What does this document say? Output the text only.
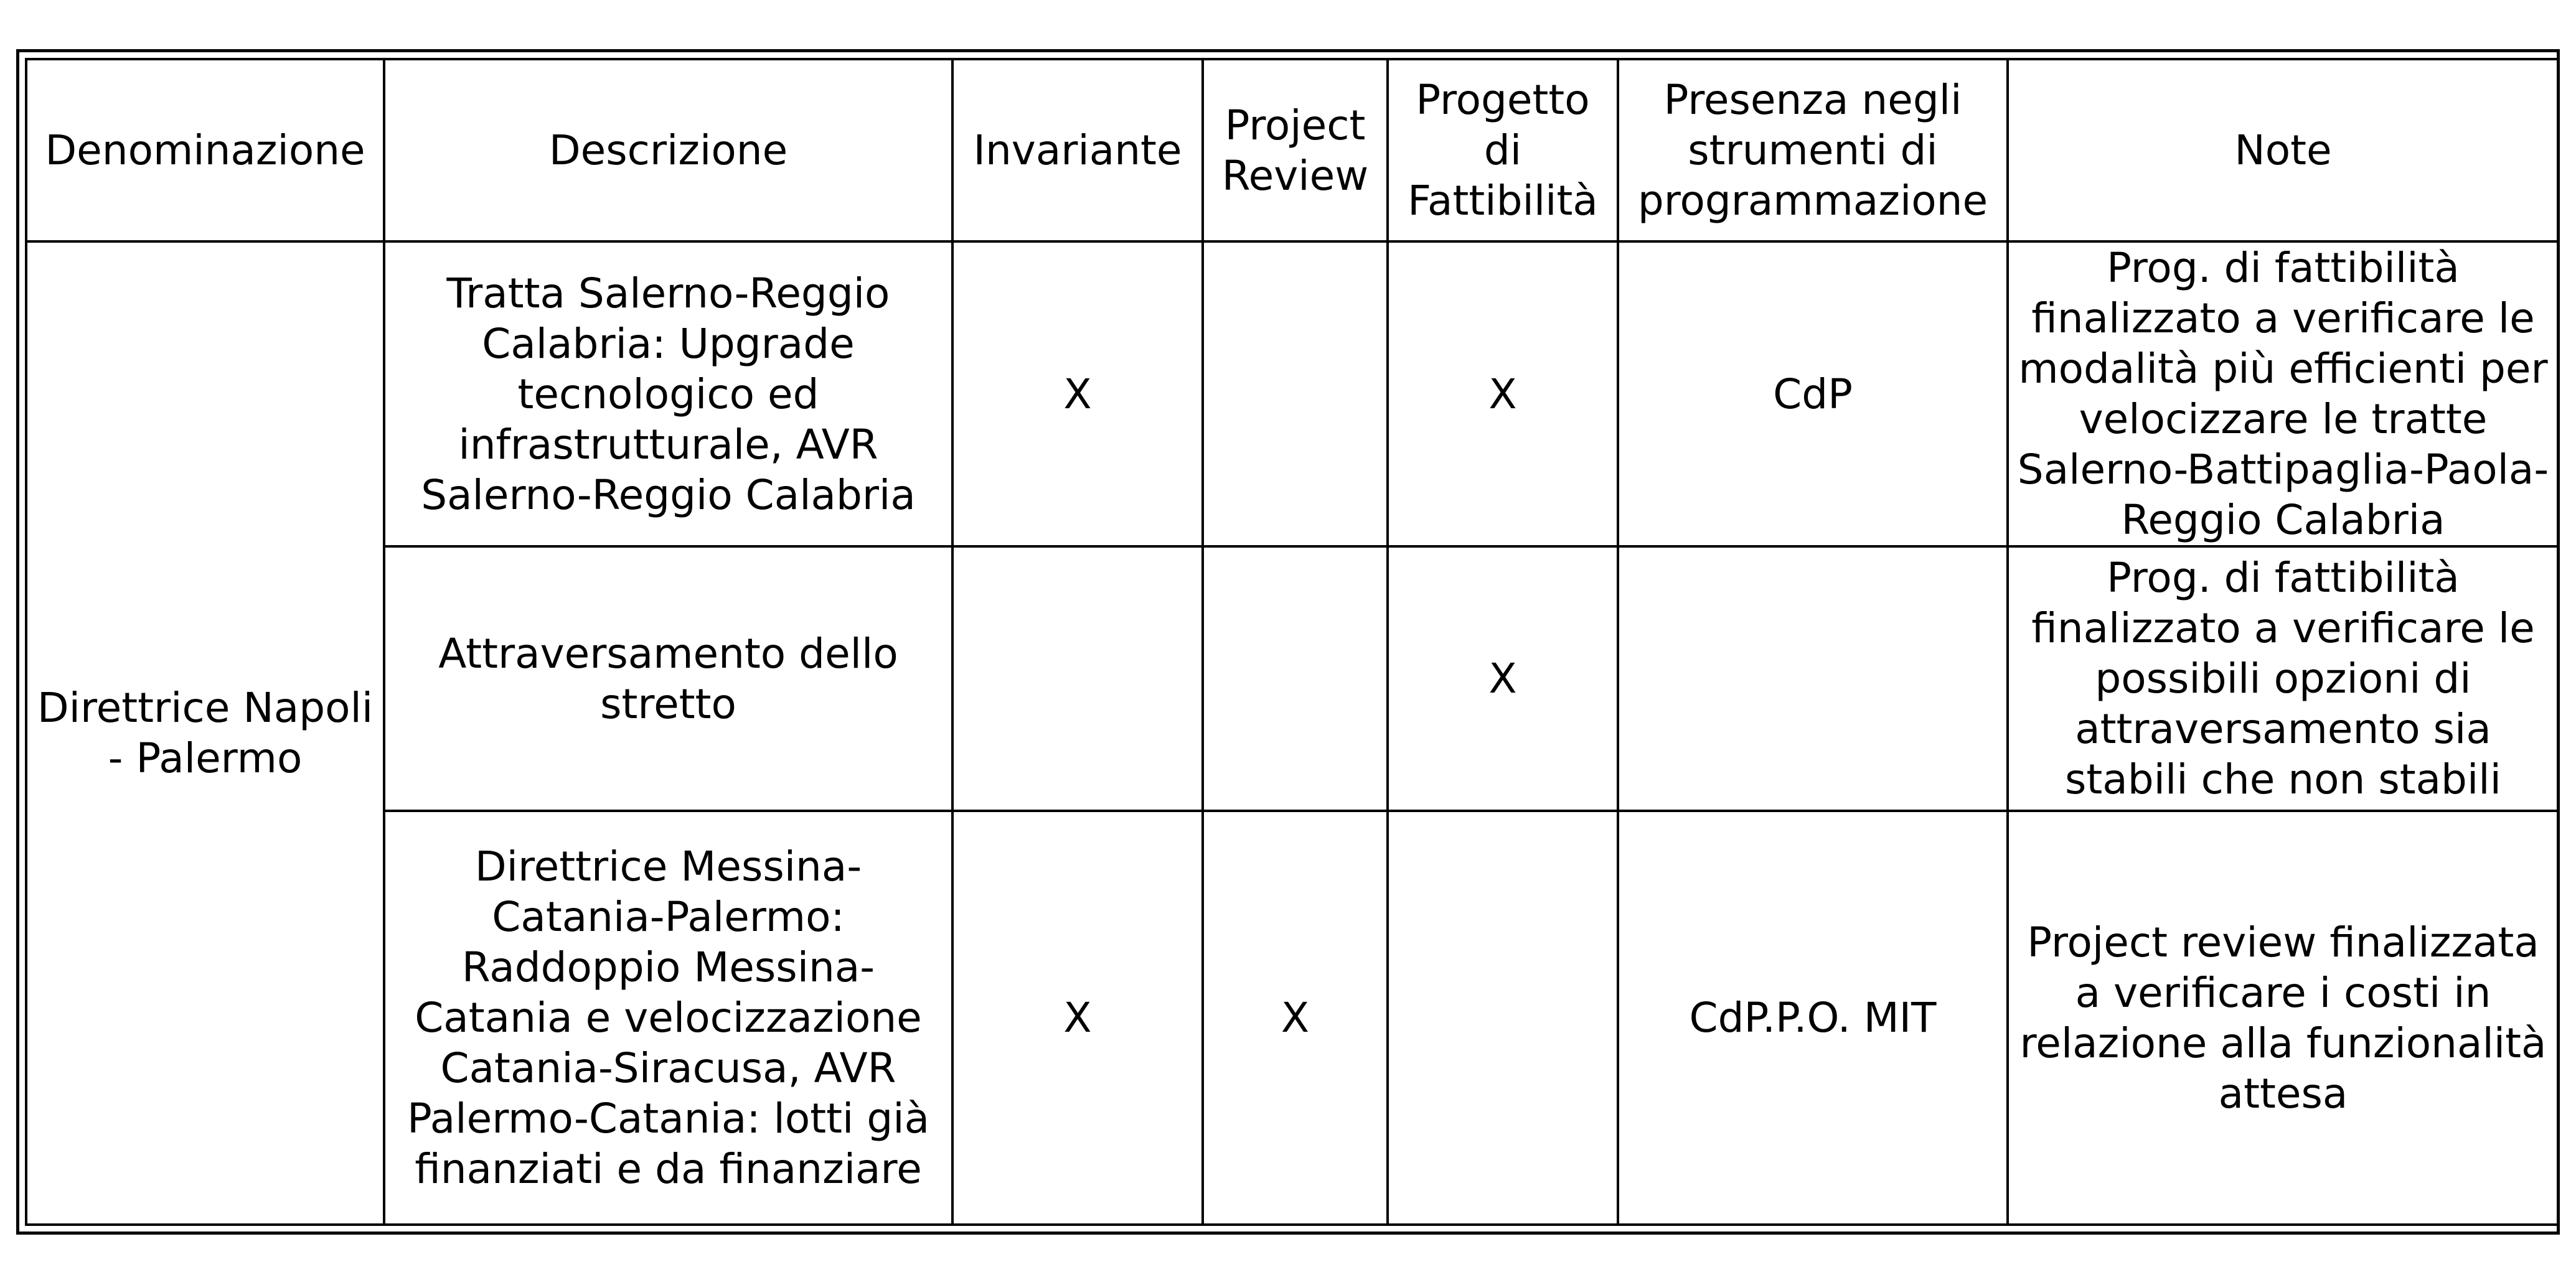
Denominazione	Descrizione	Invariante	Project Review	Progetto di Fattibilità	Presenza negli strumenti di programmazione	Note
Direttrice Napoli - Palermo	Tratta Salerno-Reggio Calabria: Upgrade tecnologico ed infrastrutturale, AVR Salerno-Reggio Calabria	X		X	CdP	Prog. di fattibilità finalizzato a verificare le modalità più efficienti per velocizzare le tratte Salerno-Battipaglia-Paola-Reggio Calabria
	Attraversamento dello stretto			X		Prog. di fattibilità finalizzato a verificare le possibili opzioni di attraversamento sia stabili che non stabili
	Direttrice Messina-Catania-Palermo: Raddoppio Messina-Catania e velocizzazione Catania-Siracusa, AVR Palermo-Catania: lotti già finanziati e da finanziare	X	X		CdP.P.O. MIT	Project review finalizzata a verificare i costi in relazione alla funzionalità attesa
